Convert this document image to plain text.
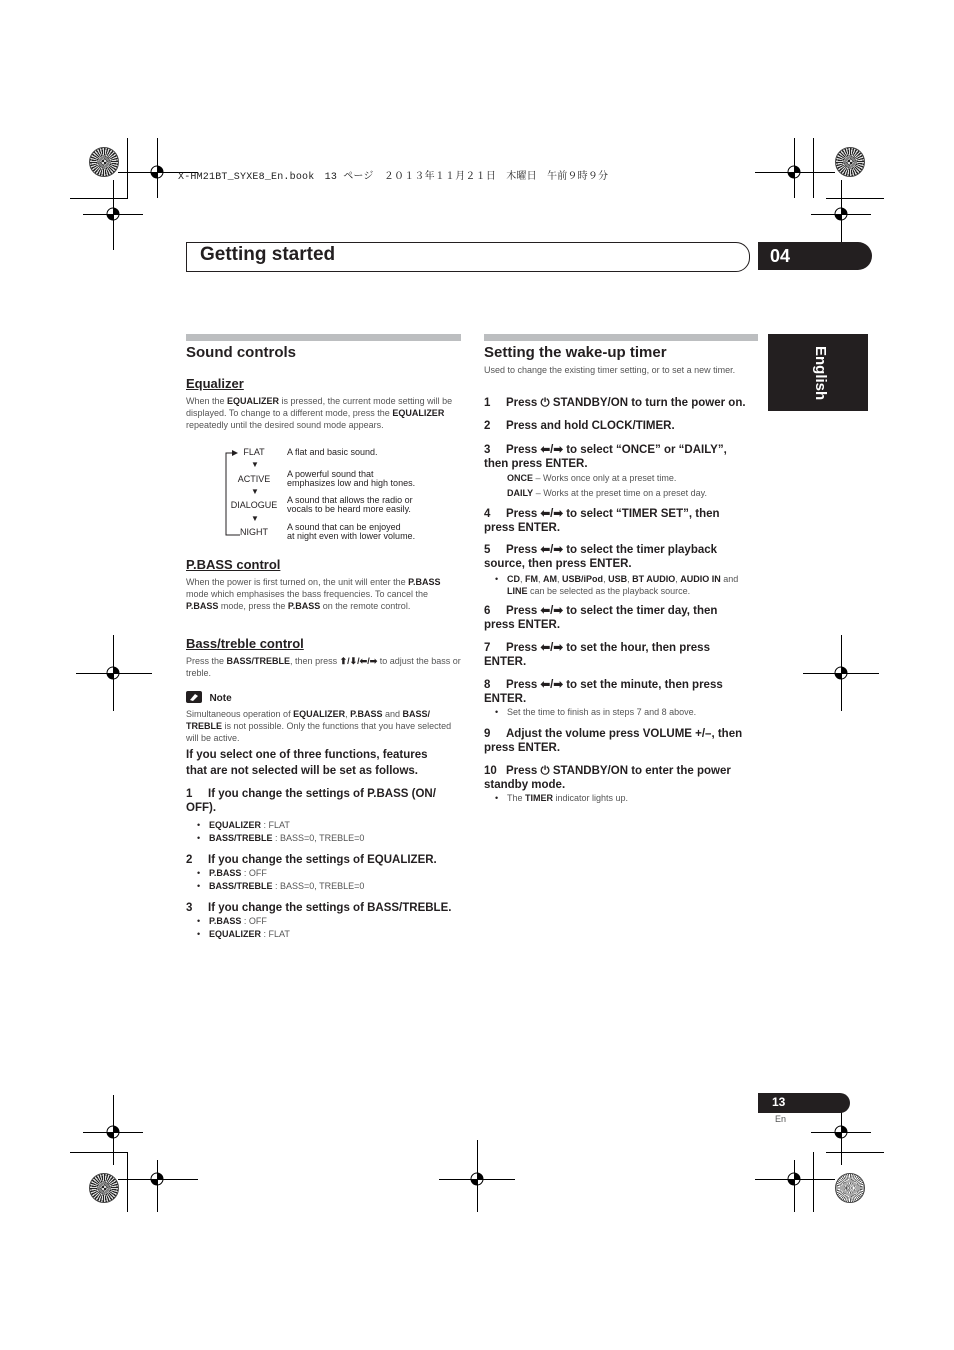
X-HM21BT_SYXE8_En.book　13 ページ　２０１３年１１月２１日　木曜日　午前９時９分
Getting started	04
English
Sound controls
Equalizer
When the EQUALIZER is pressed, the current mode setting will be displayed. To change to a different mode, press the EQUALIZER repeatedly until the desired sound mode appears.
FLAT
▼
ACTIVE
▼
DIALOGUE
▼
NIGHT
A flat and basic sound.
A powerful sound that
emphasizes low and high tones.
A sound that allows the radio or
vocals to be heard more easily.
A sound that can be enjoyed
at night even with lower volume.
P.BASS control
When the power is first turned on, the unit will enter the P.BASS mode which emphasises the bass frequencies. To cancel the P.BASS mode, press the P.BASS on the remote control.
Bass/treble control
Press the BASS/TREBLE, then press ⬆/⬇/⬅/➡ to adjust the bass or treble.
Note
Simultaneous operation of EQUALIZER, P.BASS and BASS/ TREBLE is not possible. Only the functions that you have selected will be active.
If you select one of three functions, features
that are not selected will be set as follows.
1 If you change the settings of P.BASS (ON/
OFF).
• EQUALIZER : FLAT
• BASS/TREBLE : BASS=0, TREBLE=0
2 If you change the settings of EQUALIZER.
• P.BASS : OFF
• BASS/TREBLE : BASS=0, TREBLE=0
3 If you change the settings of BASS/TREBLE.
• P.BASS : OFF
• EQUALIZER : FLAT
Setting the wake-up timer
Used to change the existing timer setting, or to set a new timer.
1 Press ⏻ STANDBY/ON to turn the power on.
2 Press and hold CLOCK/TIMER.
3 Press ⬅/➡ to select “ONCE” or “DAILY”,
then press ENTER.
ONCE – Works once only at a preset time.
DAILY – Works at the preset time on a preset day.
4 Press ⬅/➡ to select “TIMER SET”, then
press ENTER.
5 Press ⬅/➡ to select the timer playback
source, then press ENTER.
• CD, FM, AM, USB/iPod, USB, BT AUDIO, AUDIO IN and
LINE can be selected as the playback source.
6 Press ⬅/➡ to select the timer day, then
press ENTER.
7 Press ⬅/➡ to set the hour, then press
ENTER.
8 Press ⬅/➡ to set the minute, then press
ENTER.
• Set the time to finish as in steps 7 and 8 above.
9 Adjust the volume press VOLUME +/–, then
press ENTER.
10 Press ⏻ STANDBY/ON to enter the power
standby mode.
• The TIMER indicator lights up.
13
En
